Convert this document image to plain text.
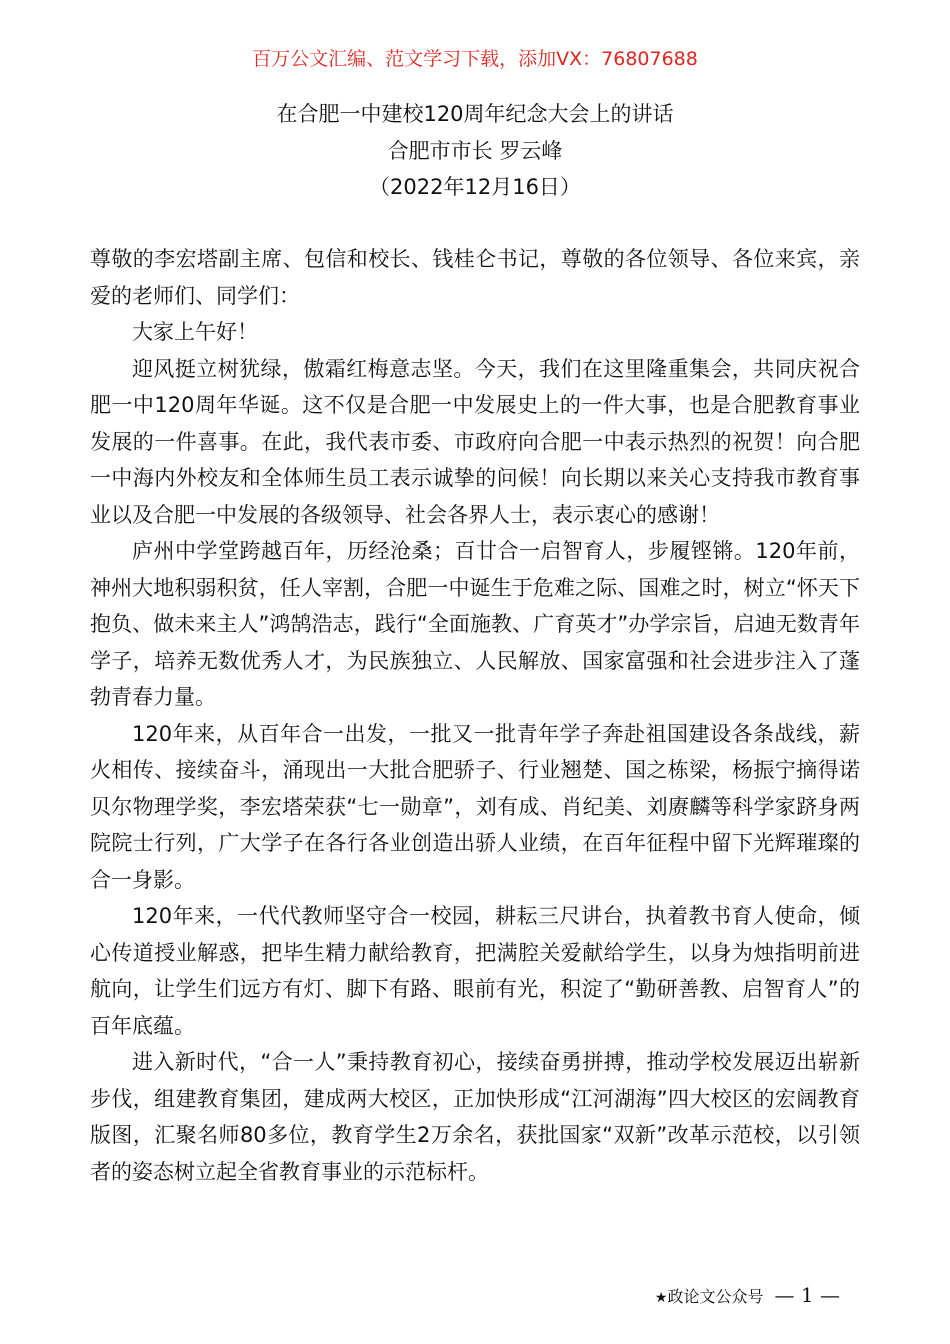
百万公文汇编、范文学习下载，添加VX：76807688
在合肥一中建校120周年纪念大会上的讲话
合肥市市长 罗云峰
（2022年12月16日）

尊敬的李宏塔副主席、包信和校长、钱桂仑书记，尊敬的各位领导、各位来宾，亲爱的老师们、同学们：

大家上午好！

迎风挺立树犹绿，傲霜红梅意志坚。今天，我们在这里隆重集会，共同庆祝合肥一中120周年华诞。这不仅是合肥一中发展史上的一件大事，也是合肥教育事业发展的一件喜事。在此，我代表市委、市政府向合肥一中表示热烈的祝贺！向合肥一中海内外校友和全体师生员工表示诚挚的问候！向长期以来关心支持我市教育事业以及合肥一中发展的各级领导、社会各界人士，表示衷心的感谢！

庐州中学堂跨越百年，历经沧桑；百廿合一启智育人，步履铿锵。120年前，神州大地积弱积贫，任人宰割，合肥一中诞生于危难之际、国难之时，树立“怀天下抱负、做未来主人”鸿鹄浩志，践行“全面施教、广育英才”办学宗旨，启迪无数青年学子，培养无数优秀人才，为民族独立、人民解放、国家富强和社会进步注入了蓬勃青春力量。

120年来，从百年合一出发，一批又一批青年学子奔赴祖国建设各条战线，薪火相传、接续奋斗，涌现出一大批合肥骄子、行业翘楚、国之栋梁，杨振宁摘得诺贝尔物理学奖，李宏塔荣获“七一勋章”，刘有成、肖纪美、刘赓麟等科学家跻身两院院士行列，广大学子在各行各业创造出骄人业绩，在百年征程中留下光辉璀璨的合一身影。

120年来，一代代教师坚守合一校园，耕耘三尺讲台，执着教书育人使命，倾心传道授业解惑，把毕生精力献给教育，把满腔关爱献给学生，以身为烛指明前进航向，让学生们远方有灯、脚下有路、眼前有光，积淀了“勤研善教、启智育人”的百年底蕴。

进入新时代，“合一人”秉持教育初心，接续奋勇拼搏，推动学校发展迈出崭新步伐，组建教育集团，建成两大校区，正加快形成“江河湖海”四大校区的宏阔教育版图，汇聚名师80多位，教育学生2万余名，获批国家“双新”改革示范校，以引领者的姿态树立起全省教育事业的示范标杆。

★政论文公众号 — 1 —
